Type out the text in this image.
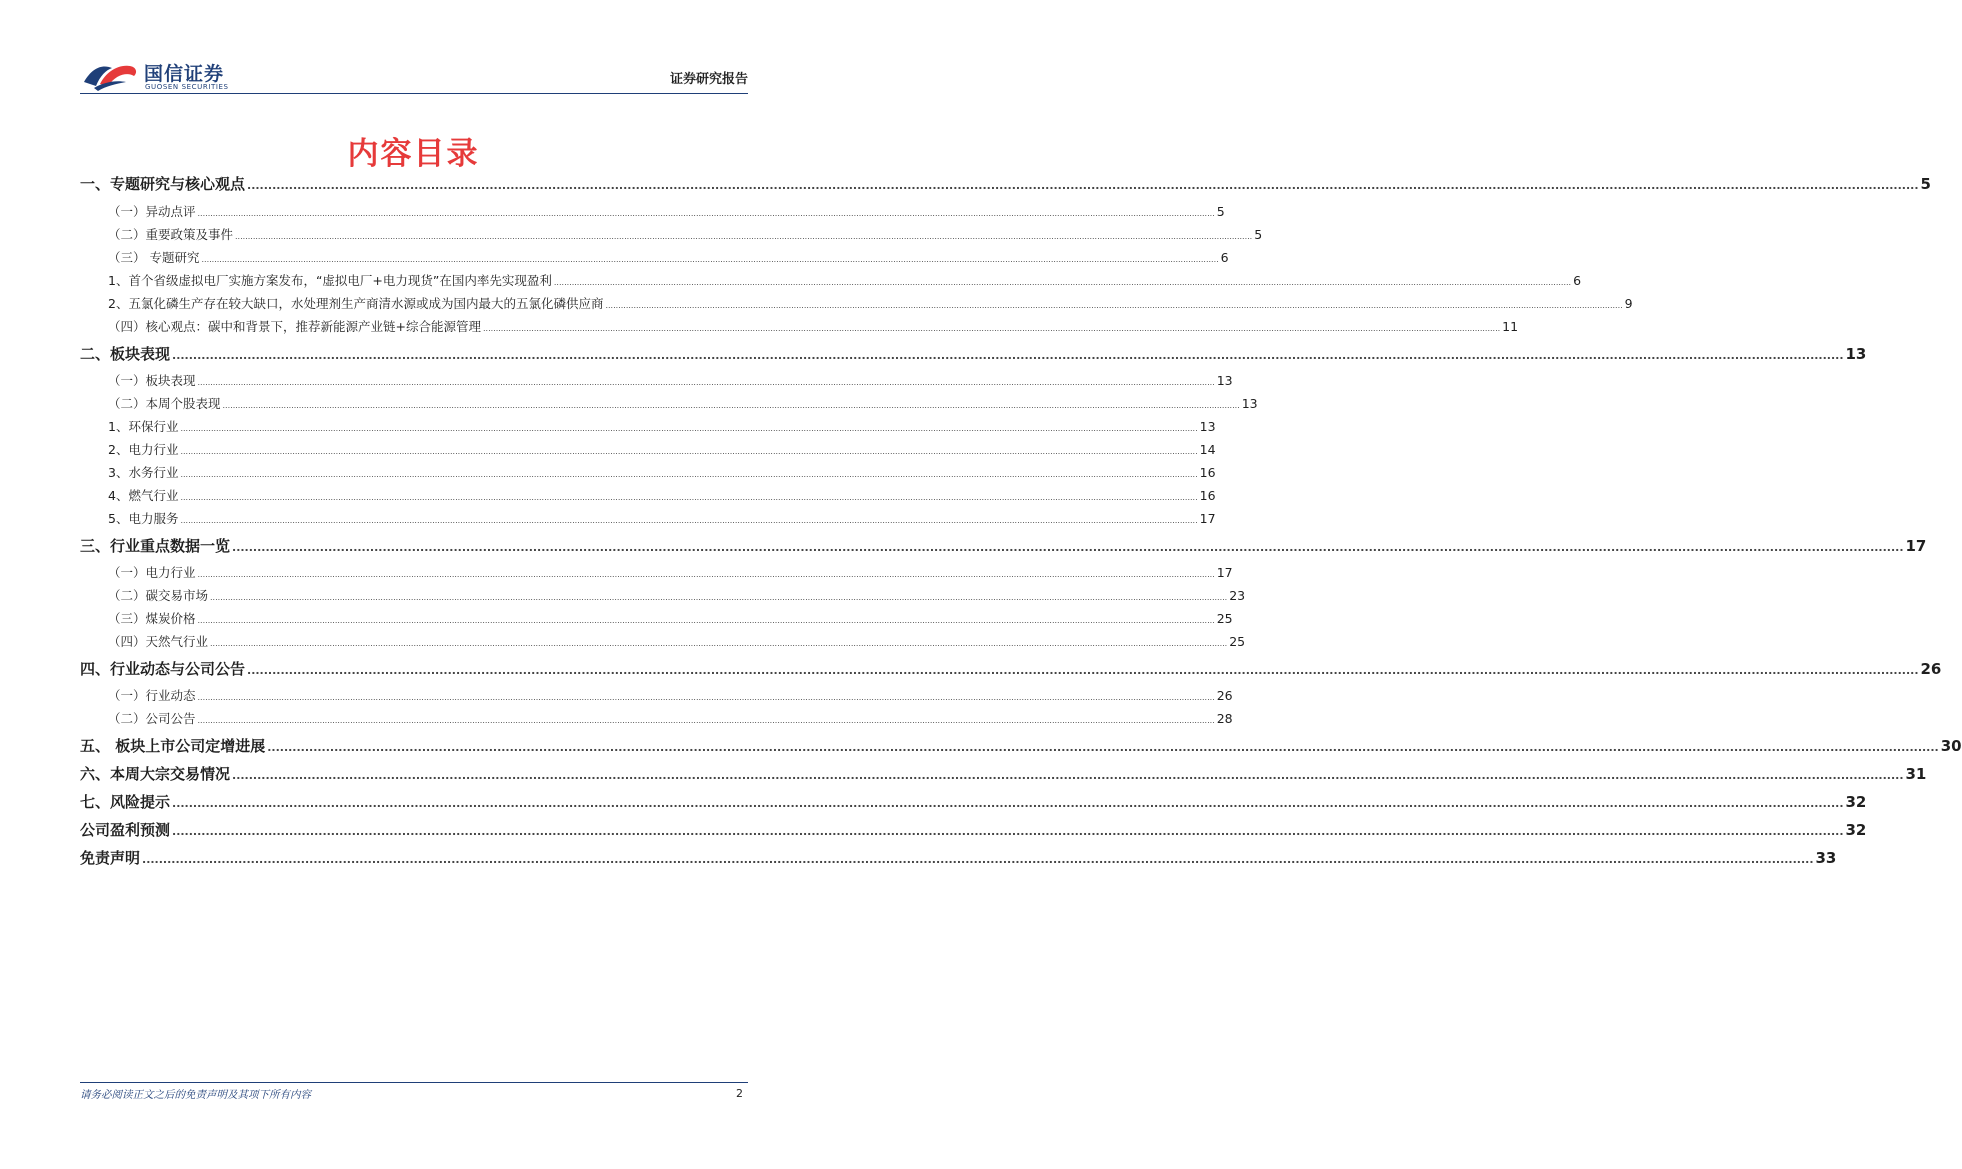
国信证券
GUOSEN SECURITIES	证券研究报告
内容目录
一、专题研究与核心观点 ................................................................................................................................................................................................................................................................................................................................................................................................................ 5
（一）异动点评 ................................................................................................................................................................................................................................................................................................................................................................................................................ 5
（二）重要政策及事件 ................................................................................................................................................................................................................................................................................................................................................................................................................ 5
（三） 专题研究 ................................................................................................................................................................................................................................................................................................................................................................................................................ 6
1、首个省级虚拟电厂实施方案发布，“虚拟电厂+电力现货”在国内率先实现盈利 ................................................................................................................................................................................................................................................................................................................................................................................................................ 6
2、五氯化磷生产存在较大缺口，水处理剂生产商清水源或成为国内最大的五氯化磷供应商 ................................................................................................................................................................................................................................................................................................................................................................................................................ 9
（四）核心观点：碳中和背景下，推荐新能源产业链+综合能源管理 ................................................................................................................................................................................................................................................................................................................................................................................................................ 11
二、板块表现 ................................................................................................................................................................................................................................................................................................................................................................................................................ 13
（一）板块表现 ................................................................................................................................................................................................................................................................................................................................................................................................................ 13
（二）本周个股表现 ................................................................................................................................................................................................................................................................................................................................................................................................................ 13
1、环保行业 ................................................................................................................................................................................................................................................................................................................................................................................................................ 13
2、电力行业 ................................................................................................................................................................................................................................................................................................................................................................................................................ 14
3、水务行业 ................................................................................................................................................................................................................................................................................................................................................................................................................ 16
4、燃气行业 ................................................................................................................................................................................................................................................................................................................................................................................................................ 16
5、电力服务 ................................................................................................................................................................................................................................................................................................................................................................................................................ 17
三、行业重点数据一览 ................................................................................................................................................................................................................................................................................................................................................................................................................ 17
（一）电力行业 ................................................................................................................................................................................................................................................................................................................................................................................................................ 17
（二）碳交易市场 ................................................................................................................................................................................................................................................................................................................................................................................................................ 23
（三）煤炭价格 ................................................................................................................................................................................................................................................................................................................................................................................................................ 25
（四）天然气行业 ................................................................................................................................................................................................................................................................................................................................................................................................................ 25
四、行业动态与公司公告 ................................................................................................................................................................................................................................................................................................................................................................................................................ 26
（一）行业动态 ................................................................................................................................................................................................................................................................................................................................................................................................................ 26
（二）公司公告 ................................................................................................................................................................................................................................................................................................................................................................................................................ 28
五、 板块上市公司定增进展 ................................................................................................................................................................................................................................................................................................................................................................................................................ 30
六、本周大宗交易情况 ................................................................................................................................................................................................................................................................................................................................................................................................................ 31
七、风险提示 ................................................................................................................................................................................................................................................................................................................................................................................................................ 32
公司盈利预测 ................................................................................................................................................................................................................................................................................................................................................................................................................ 32
免责声明 ................................................................................................................................................................................................................................................................................................................................................................................................................ 33
请务必阅读正文之后的免责声明及其项下所有内容	2
